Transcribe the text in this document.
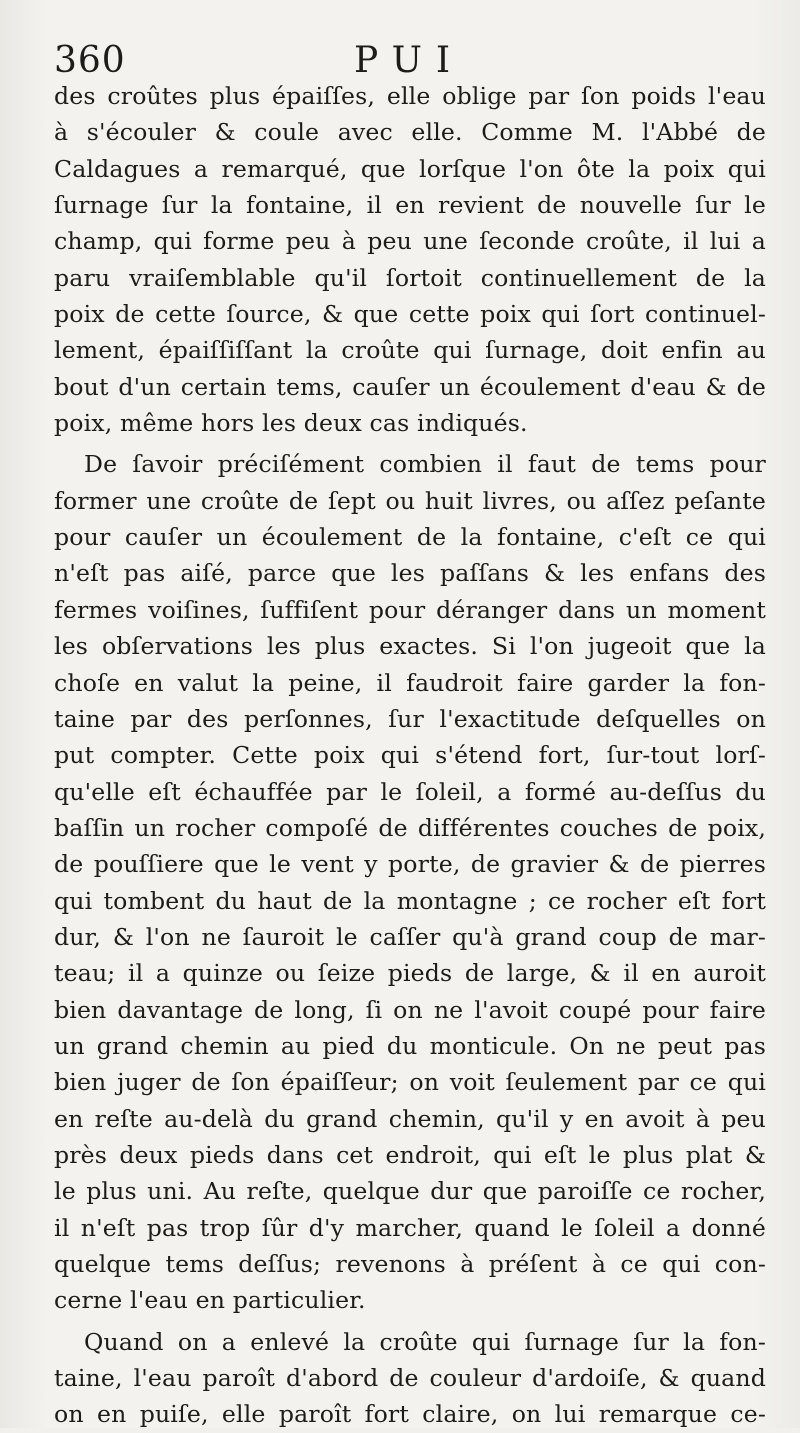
360	PUI
des croûtes plus épaiſſes, elle oblige par ſon poids l'eau
à s'écouler & coule avec elle. Comme M. l'Abbé de
Caldagues a remarqué, que lorſque l'on ôte la poix qui
ſurnage ſur la fontaine, il en revient de nouvelle ſur le
champ, qui forme peu à peu une ſeconde croûte, il lui a
paru vraiſemblable qu'il ſortoit continuellement de la
poix de cette ſource, & que cette poix qui ſort continuel-
lement, épaiſſiſſant la croûte qui ſurnage, doit enfin au
bout d'un certain tems, cauſer un écoulement d'eau & de
poix, même hors les deux cas indiqués.
De ſavoir préciſément combien il faut de tems pour
former une croûte de ſept ou huit livres, ou aſſez peſante
pour cauſer un écoulement de la fontaine, c'eſt ce qui
n'eſt pas aiſé, parce que les paſſans & les enfans des
fermes voiſines, ſuffiſent pour déranger dans un moment
les obſervations les plus exactes. Si l'on jugeoit que la
choſe en valut la peine, il faudroit faire garder la fon-
taine par des perſonnes, ſur l'exactitude deſquelles on
put compter. Cette poix qui s'étend fort, ſur-tout lorſ-
qu'elle eſt échauffée par le ſoleil, a formé au-deſſus du
baſſin un rocher compoſé de différentes couches de poix,
de pouſſiere que le vent y porte, de gravier & de pierres
qui tombent du haut de la montagne ; ce rocher eſt fort
dur, & l'on ne ſauroit le caſſer qu'à grand coup de mar-
teau; il a quinze ou ſeize pieds de large, & il en auroit
bien davantage de long, ſi on ne l'avoit coupé pour faire
un grand chemin au pied du monticule. On ne peut pas
bien juger de ſon épaiſſeur; on voit ſeulement par ce qui
en reſte au-delà du grand chemin, qu'il y en avoit à peu
près deux pieds dans cet endroit, qui eſt le plus plat &
le plus uni. Au reſte, quelque dur que paroiſſe ce rocher,
il n'eſt pas trop ſûr d'y marcher, quand le ſoleil a donné
quelque tems deſſus; revenons à préſent à ce qui con-
cerne l'eau en particulier.
Quand on a enlevé la croûte qui ſurnage ſur la fon-
taine, l'eau paroît d'abord de couleur d'ardoiſe, & quand
on en puiſe, elle paroît fort claire, on lui remarque ce-
